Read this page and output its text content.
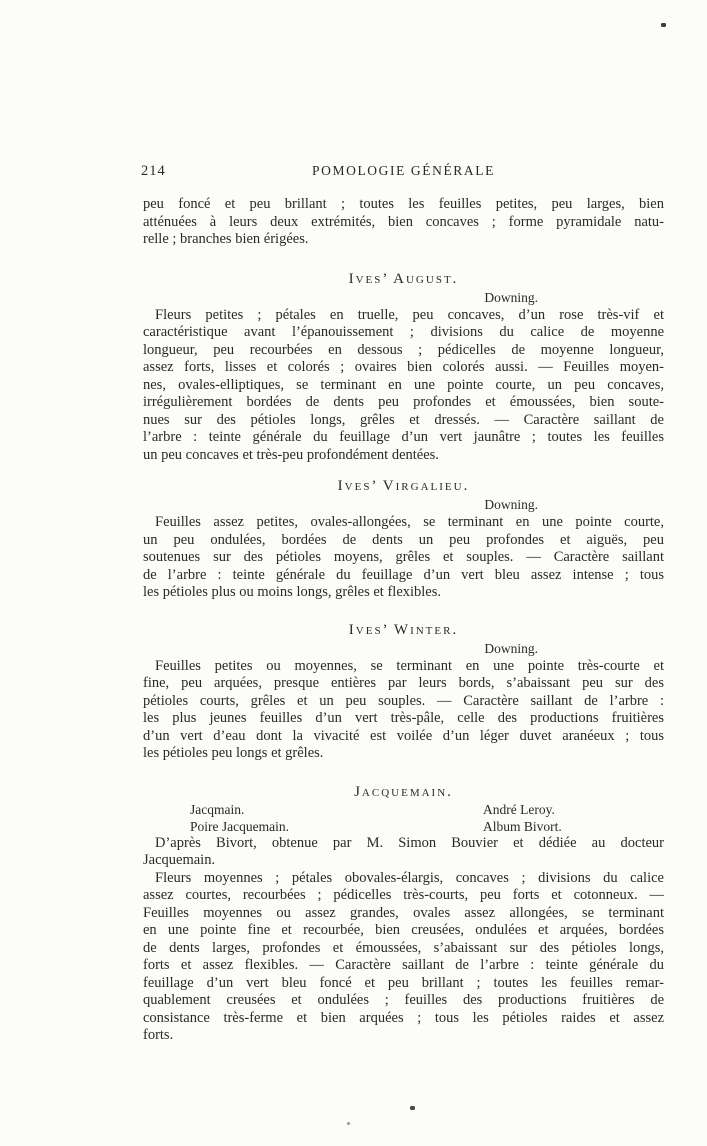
214	POMOLOGIE GÉNÉRALE
peu foncé et peu brillant ; toutes les feuilles petites, peu larges, bien
atténuées à leurs deux extrémités, bien concaves ; forme pyramidale natu-
relle ; branches bien érigées.
Ives’ August.
Downing.
Fleurs petites ; pétales en truelle, peu concaves, d’un rose très-vif et
caractéristique avant l’épanouissement ; divisions du calice de moyenne
longueur, peu recourbées en dessous ; pédicelles de moyenne longueur,
assez forts, lisses et colorés ; ovaires bien colorés aussi. — Feuilles moyen-
nes, ovales-elliptiques, se terminant en une pointe courte, un peu concaves,
irrégulièrement bordées de dents peu profondes et émoussées, bien soute-
nues sur des pétioles longs, grêles et dressés. — Caractère saillant de
l’arbre : teinte générale du feuillage d’un vert jaunâtre ; toutes les feuilles
un peu concaves et très-peu profondément dentées.
Ives’ Virgalieu.
Downing.
Feuilles assez petites, ovales-allongées, se terminant en une pointe courte,
un peu ondulées, bordées de dents un peu profondes et aiguës, peu
soutenues sur des pétioles moyens, grêles et souples. — Caractère saillant
de l’arbre : teinte générale du feuillage d’un vert bleu assez intense ; tous
les pétioles plus ou moins longs, grêles et flexibles.
Ives’ Winter.
Downing.
Feuilles petites ou moyennes, se terminant en une pointe très-courte et
fine, peu arquées, presque entières par leurs bords, s’abaissant peu sur des
pétioles courts, grêles et un peu souples. — Caractère saillant de l’arbre :
les plus jeunes feuilles d’un vert très-pâle, celle des productions fruitières
d’un vert d’eau dont la vivacité est voilée d’un léger duvet aranéeux ; tous
les pétioles peu longs et grêles.
Jacquemain.
Jacqmain.
Poire Jacquemain.
André Leroy.
Album Bivort.
D’après Bivort, obtenue par M. Simon Bouvier et dédiée au docteur
Jacquemain.
Fleurs moyennes ; pétales obovales-élargis, concaves ; divisions du calice
assez courtes, recourbées ; pédicelles très-courts, peu forts et cotonneux. —
Feuilles moyennes ou assez grandes, ovales assez allongées, se terminant
en une pointe fine et recourbée, bien creusées, ondulées et arquées, bordées
de dents larges, profondes et émoussées, s’abaissant sur des pétioles longs,
forts et assez flexibles. — Caractère saillant de l’arbre : teinte générale du
feuillage d’un vert bleu foncé et peu brillant ; toutes les feuilles remar-
quablement creusées et ondulées ; feuilles des productions fruitières de
consistance très-ferme et bien arquées ; tous les pétioles raides et assez
forts.
